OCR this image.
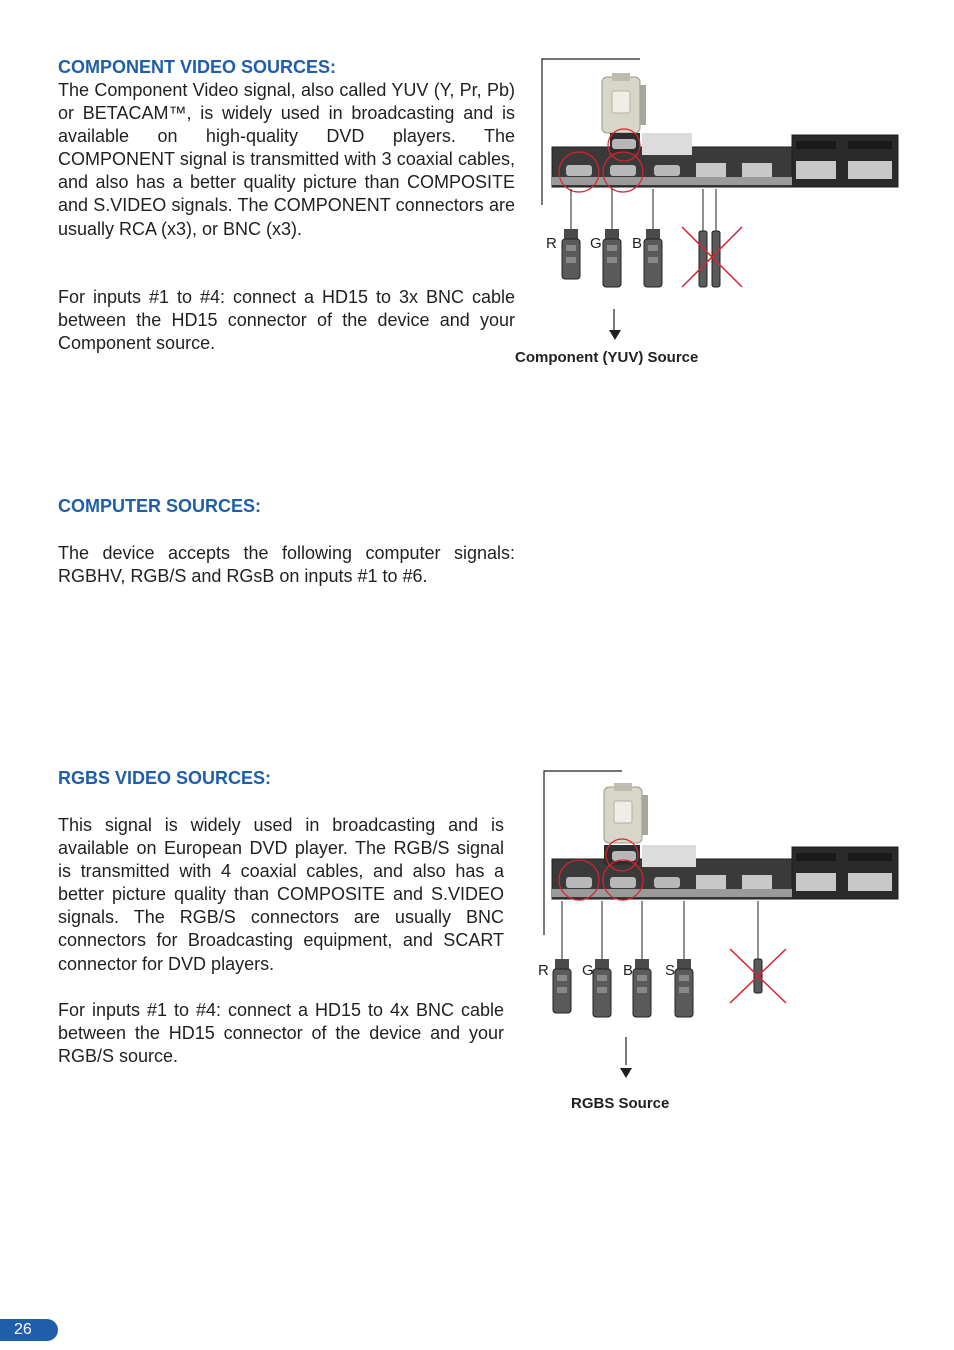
COMPONENT VIDEO SOURCES:

The Component Video signal, also called YUV (Y, Pr, Pb) or BETACAM™, is widely used in broadcasting and is available on high-quality DVD players. The COMPONENT signal is transmitted with 3 coaxial cables, and also has a better quality picture than COMPOSITE and S.VIDEO signals. The COMPONENT connectors are usually RCA (x3), or BNC (x3).

For inputs #1 to #4: connect a HD15 to 3x BNC cable between the HD15 connector of the device and your Component source.

R G B
Component (YUV) Source
COMPUTER SOURCES:

The device accepts the following computer signals: RGBHV, RGB/S and RGsB on inputs #1 to #6.

RGBS VIDEO SOURCES:

This signal is widely used in broadcasting and is available on European DVD player. The RGB/S signal is transmitted with 4 coaxial cables, and also has a better picture quality than COMPOSITE and S.VIDEO signals. The RGB/S connectors are usually BNC connectors for Broadcasting equipment, and SCART connector for DVD players.

For inputs #1 to #4: connect a HD15 to 4x BNC cable between the HD15 connector of the device and your RGB/S source.

R G B S
RGBS Source
26
